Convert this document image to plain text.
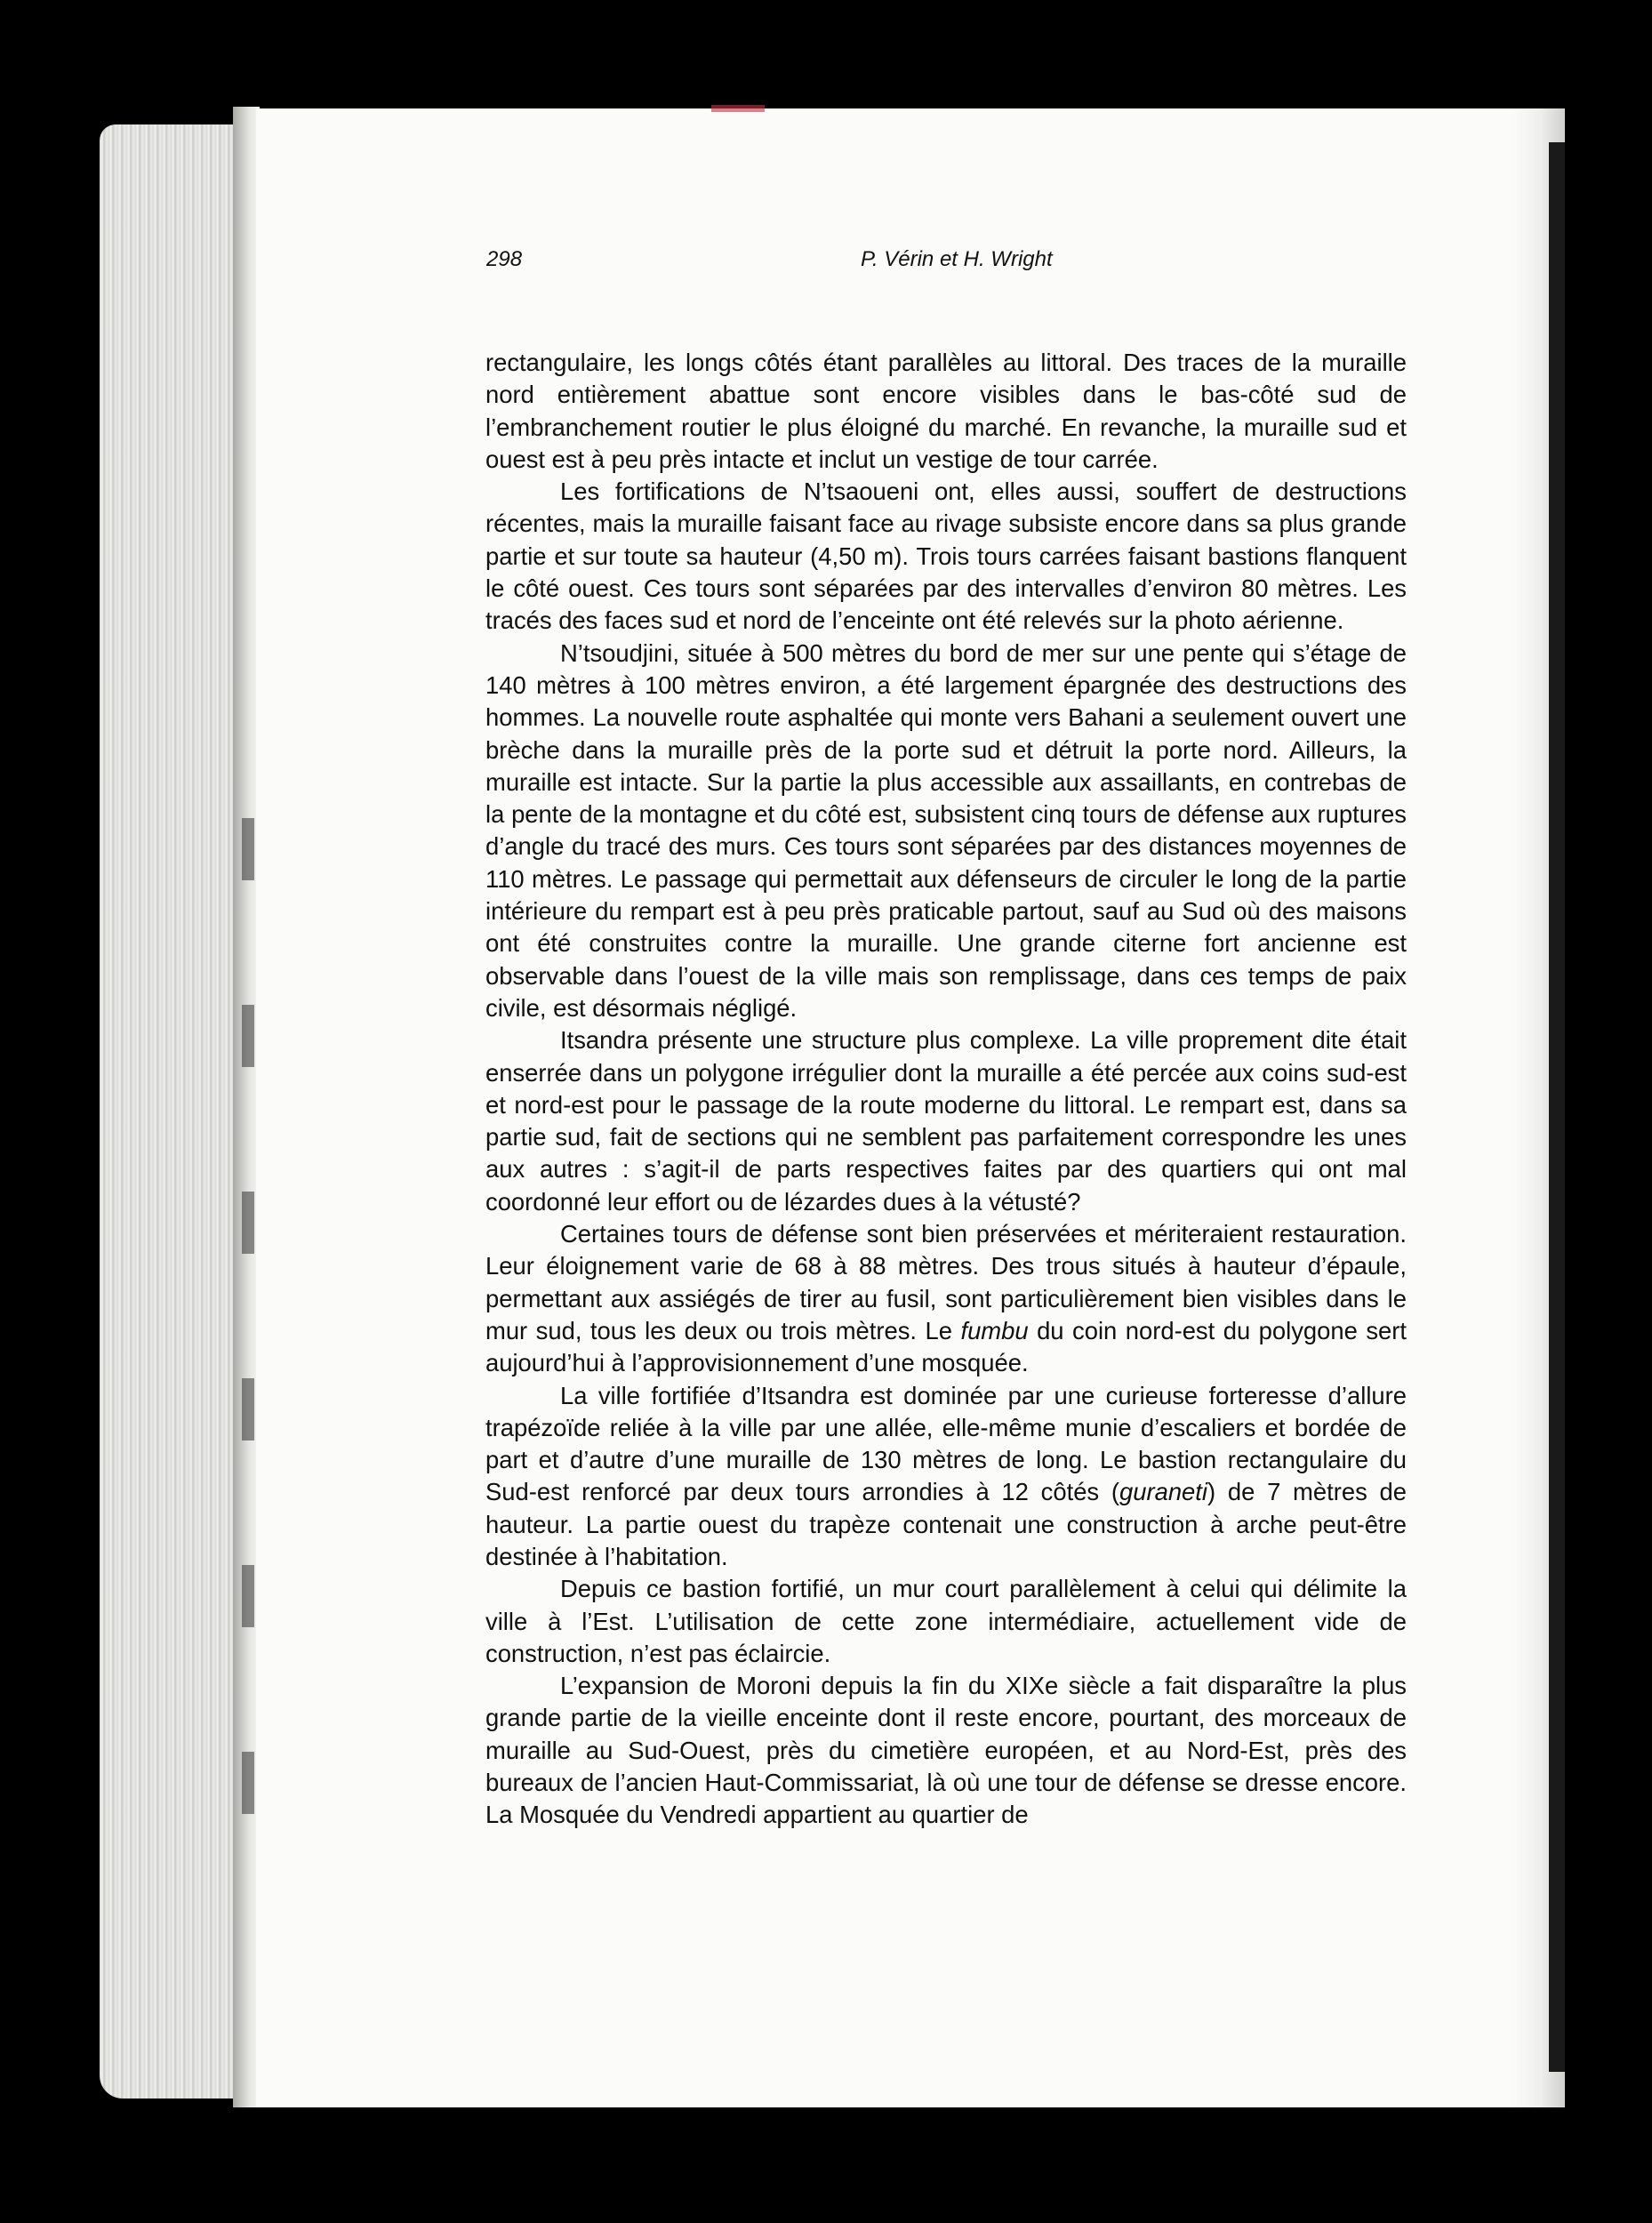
298	P. Vérin et H. Wright

rectangulaire, les longs côtés étant parallèles au littoral. Des traces de la muraille nord entièrement abattue sont encore visibles dans le bas-côté sud de l’embranchement routier le plus éloigné du marché. En revanche, la muraille sud et ouest est à peu près intacte et inclut un vestige de tour carrée.

Les fortifications de N’tsaoueni ont, elles aussi, souffert de destructions récentes, mais la muraille faisant face au rivage subsiste encore dans sa plus grande partie et sur toute sa hauteur (4,50 m). Trois tours carrées faisant bastions flanquent le côté ouest. Ces tours sont séparées par des intervalles d’environ 80 mètres. Les tracés des faces sud et nord de l’enceinte ont été relevés sur la photo aérienne.

N’tsoudjini, située à 500 mètres du bord de mer sur une pente qui s’étage de 140 mètres à 100 mètres environ, a été largement épargnée des destructions des hommes. La nouvelle route asphaltée qui monte vers Bahani a seulement ouvert une brèche dans la muraille près de la porte sud et détruit la porte nord. Ailleurs, la muraille est intacte. Sur la partie la plus accessible aux assaillants, en contrebas de la pente de la montagne et du côté est, subsistent cinq tours de défense aux ruptures d’angle du tracé des murs. Ces tours sont séparées par des distances moyennes de 110 mètres. Le passage qui permettait aux défenseurs de circuler le long de la partie intérieure du rempart est à peu près praticable partout, sauf au Sud où des maisons ont été construites contre la muraille. Une grande citerne fort ancienne est observable dans l’ouest de la ville mais son remplissage, dans ces temps de paix civile, est désormais négligé.

Itsandra présente une structure plus complexe. La ville proprement dite était enserrée dans un polygone irrégulier dont la muraille a été percée aux coins sud-est et nord-est pour le passage de la route moderne du littoral. Le rempart est, dans sa partie sud, fait de sections qui ne semblent pas parfaitement correspondre les unes aux autres : s’agit-il de parts respectives faites par des quartiers qui ont mal coordonné leur effort ou de lézardes dues à la vétusté?

Certaines tours de défense sont bien préservées et mériteraient restauration. Leur éloignement varie de 68 à 88 mètres. Des trous situés à hauteur d’épaule, permettant aux assiégés de tirer au fusil, sont particulièrement bien visibles dans le mur sud, tous les deux ou trois mètres. Le fumbu du coin nord-est du polygone sert aujourd’hui à l’approvisionnement d’une mosquée.

La ville fortifiée d’Itsandra est dominée par une curieuse forteresse d’allure trapézoïde reliée à la ville par une allée, elle-même munie d’escaliers et bordée de part et d’autre d’une muraille de 130 mètres de long. Le bastion rectangulaire du Sud-est renforcé par deux tours arrondies à 12 côtés (guraneti) de 7 mètres de hauteur. La partie ouest du trapèze contenait une construction à arche peut-être destinée à l’habitation.

Depuis ce bastion fortifié, un mur court parallèlement à celui qui délimite la ville à l’Est. L’utilisation de cette zone intermédiaire, actuellement vide de construction, n’est pas éclaircie.

L’expansion de Moroni depuis la fin du XIXe siècle a fait disparaître la plus grande partie de la vieille enceinte dont il reste encore, pourtant, des morceaux de muraille au Sud-Ouest, près du cimetière européen, et au Nord-Est, près des bureaux de l’ancien Haut-Commissariat, là où une tour de défense se dresse encore. La Mosquée du Vendredi appartient au quartier de
